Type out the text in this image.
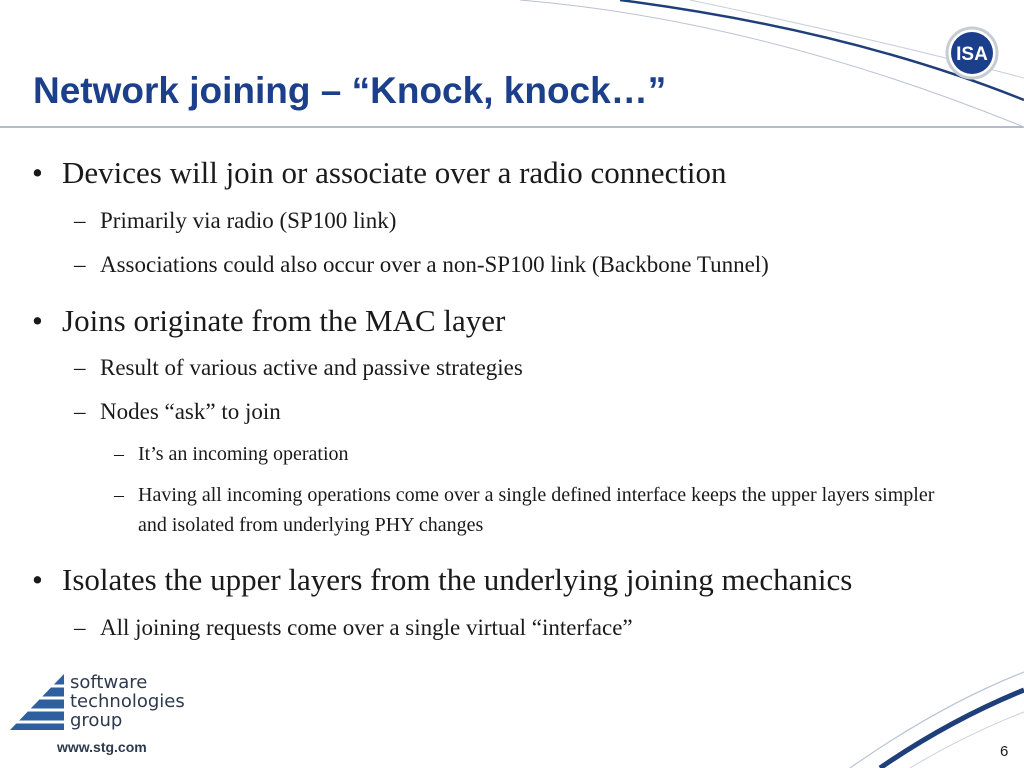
Network joining – “Knock, knock…”
ISA
• Devices will join or associate over a radio connection
– Primarily via radio (SP100 link)
– Associations could also occur over a non-SP100 link (Backbone Tunnel)
• Joins originate from the MAC layer
– Result of various active and passive strategies
– Nodes “ask” to join
– It’s an incoming operation
– Having all incoming operations come over a single defined interface keeps the upper layers simpler and isolated from underlying PHY changes
• Isolates the upper layers from the underlying joining mechanics
– All joining requests come over a single virtual “interface”
software
technologies
group
www.stg.com	6
